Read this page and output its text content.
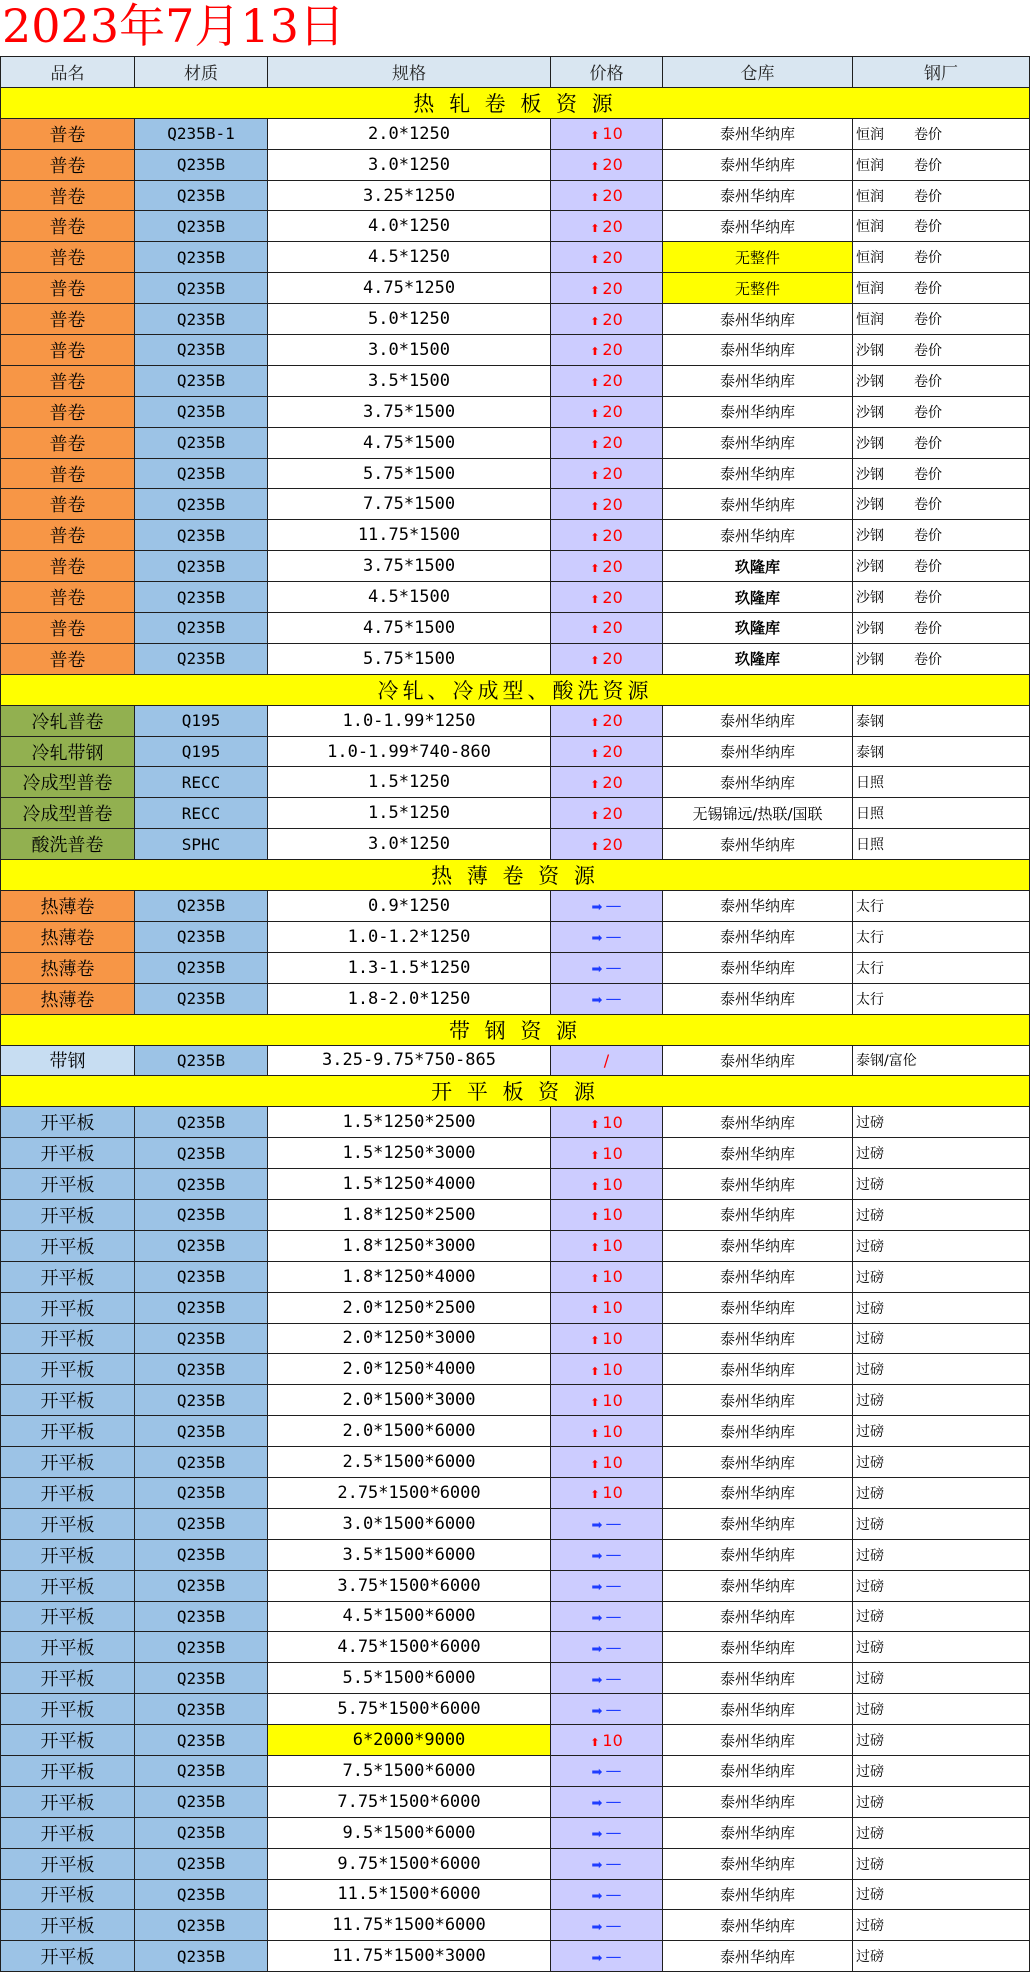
2023年7月13日
品名	材质	规格	价格	仓库	钢厂
热 轧 卷 板 资 源
普卷	Q235B-1	2.0*1250	⬆ 10	泰州华纳库	恒润	卷价
普卷	Q235B	3.0*1250	⬆ 20	泰州华纳库	恒润	卷价
普卷	Q235B	3.25*1250	⬆ 20	泰州华纳库	恒润	卷价
普卷	Q235B	4.0*1250	⬆ 20	泰州华纳库	恒润	卷价
普卷	Q235B	4.5*1250	⬆ 20	无整件	恒润	卷价
普卷	Q235B	4.75*1250	⬆ 20	无整件	恒润	卷价
普卷	Q235B	5.0*1250	⬆ 20	泰州华纳库	恒润	卷价
普卷	Q235B	3.0*1500	⬆ 20	泰州华纳库	沙钢	卷价
普卷	Q235B	3.5*1500	⬆ 20	泰州华纳库	沙钢	卷价
普卷	Q235B	3.75*1500	⬆ 20	泰州华纳库	沙钢	卷价
普卷	Q235B	4.75*1500	⬆ 20	泰州华纳库	沙钢	卷价
普卷	Q235B	5.75*1500	⬆ 20	泰州华纳库	沙钢	卷价
普卷	Q235B	7.75*1500	⬆ 20	泰州华纳库	沙钢	卷价
普卷	Q235B	11.75*1500	⬆ 20	泰州华纳库	沙钢	卷价
普卷	Q235B	3.75*1500	⬆ 20	玖隆库	沙钢	卷价
普卷	Q235B	4.5*1500	⬆ 20	玖隆库	沙钢	卷价
普卷	Q235B	4.75*1500	⬆ 20	玖隆库	沙钢	卷价
普卷	Q235B	5.75*1500	⬆ 20	玖隆库	沙钢	卷价
冷轧、冷成型、酸洗资源
冷轧普卷	Q195	1.0-1.99*1250	⬆ 20	泰州华纳库	泰钢
冷轧带钢	Q195	1.0-1.99*740-860	⬆ 20	泰州华纳库	泰钢
冷成型普卷	RECC	1.5*1250	⬆ 20	泰州华纳库	日照
冷成型普卷	RECC	1.5*1250	⬆ 20	无锡锦远/热联/国联	日照
酸洗普卷	SPHC	3.0*1250	⬆ 20	泰州华纳库	日照
热 薄 卷 资 源
热薄卷	Q235B	0.9*1250	➡ —	泰州华纳库	太行
热薄卷	Q235B	1.0-1.2*1250	➡ —	泰州华纳库	太行
热薄卷	Q235B	1.3-1.5*1250	➡ —	泰州华纳库	太行
热薄卷	Q235B	1.8-2.0*1250	➡ —	泰州华纳库	太行
带 钢 资 源
带钢	Q235B	3.25-9.75*750-865	/	泰州华纳库	泰钢/富伦
开 平 板 资 源
开平板	Q235B	1.5*1250*2500	⬆ 10	泰州华纳库	过磅
开平板	Q235B	1.5*1250*3000	⬆ 10	泰州华纳库	过磅
开平板	Q235B	1.5*1250*4000	⬆ 10	泰州华纳库	过磅
开平板	Q235B	1.8*1250*2500	⬆ 10	泰州华纳库	过磅
开平板	Q235B	1.8*1250*3000	⬆ 10	泰州华纳库	过磅
开平板	Q235B	1.8*1250*4000	⬆ 10	泰州华纳库	过磅
开平板	Q235B	2.0*1250*2500	⬆ 10	泰州华纳库	过磅
开平板	Q235B	2.0*1250*3000	⬆ 10	泰州华纳库	过磅
开平板	Q235B	2.0*1250*4000	⬆ 10	泰州华纳库	过磅
开平板	Q235B	2.0*1500*3000	⬆ 10	泰州华纳库	过磅
开平板	Q235B	2.0*1500*6000	⬆ 10	泰州华纳库	过磅
开平板	Q235B	2.5*1500*6000	⬆ 10	泰州华纳库	过磅
开平板	Q235B	2.75*1500*6000	⬆ 10	泰州华纳库	过磅
开平板	Q235B	3.0*1500*6000	➡ —	泰州华纳库	过磅
开平板	Q235B	3.5*1500*6000	➡ —	泰州华纳库	过磅
开平板	Q235B	3.75*1500*6000	➡ —	泰州华纳库	过磅
开平板	Q235B	4.5*1500*6000	➡ —	泰州华纳库	过磅
开平板	Q235B	4.75*1500*6000	➡ —	泰州华纳库	过磅
开平板	Q235B	5.5*1500*6000	➡ —	泰州华纳库	过磅
开平板	Q235B	5.75*1500*6000	➡ —	泰州华纳库	过磅
开平板	Q235B	6*2000*9000	⬆ 10	泰州华纳库	过磅
开平板	Q235B	7.5*1500*6000	➡ —	泰州华纳库	过磅
开平板	Q235B	7.75*1500*6000	➡ —	泰州华纳库	过磅
开平板	Q235B	9.5*1500*6000	➡ —	泰州华纳库	过磅
开平板	Q235B	9.75*1500*6000	➡ —	泰州华纳库	过磅
开平板	Q235B	11.5*1500*6000	➡ —	泰州华纳库	过磅
开平板	Q235B	11.75*1500*6000	➡ —	泰州华纳库	过磅
开平板	Q235B	11.75*1500*3000	➡ —	泰州华纳库	过磅
